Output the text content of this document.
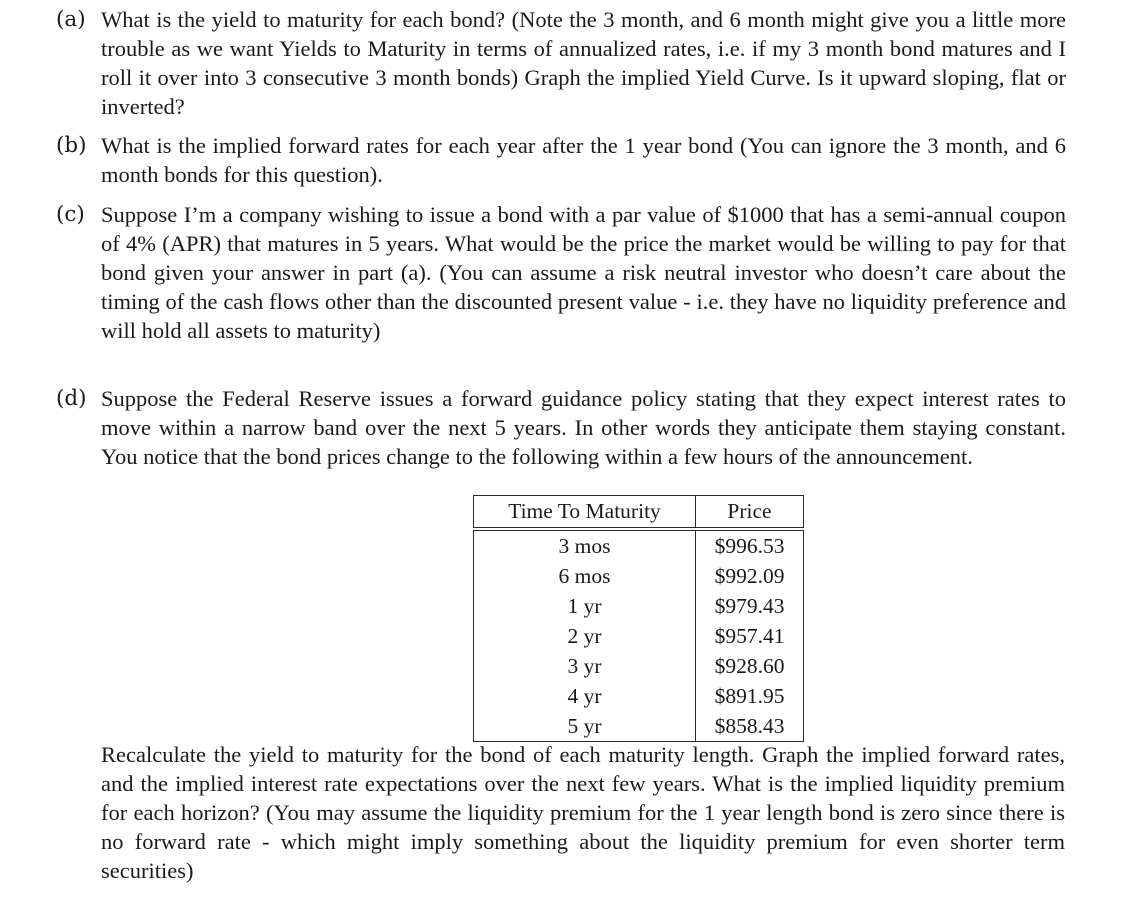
(a) What is the yield to maturity for each bond? (Note the 3 month, and 6 month might give you a little more trouble as we want Yields to Maturity in terms of annualized rates, i.e. if my 3 month bond matures and I roll it over into 3 consecutive 3 month bonds) Graph the implied Yield Curve. Is it upward sloping, flat or inverted?
(b) What is the implied forward rates for each year after the 1 year bond (You can ignore the 3 month, and 6 month bonds for this question).
(c) Suppose I’m a company wishing to issue a bond with a par value of $1000 that has a semi-annual coupon of 4% (APR) that matures in 5 years. What would be the price the market would be willing to pay for that bond given your answer in part (a). (You can assume a risk neutral investor who doesn’t care about the timing of the cash flows other than the discounted present value - i.e. they have no liquidity preference and will hold all assets to maturity)
(d) Suppose the Federal Reserve issues a forward guidance policy stating that they expect interest rates to move within a narrow band over the next 5 years. In other words they anticipate them staying constant. You notice that the bond prices change to the following within a few hours of the announcement.
Time To Maturity	Price
3 mos	$996.53
6 mos	$992.09
1 yr	$979.43
2 yr	$957.41
3 yr	$928.60
4 yr	$891.95
5 yr	$858.43
Recalculate the yield to maturity for the bond of each maturity length. Graph the implied forward rates, and the implied interest rate expectations over the next few years. What is the implied liquidity premium for each horizon? (You may assume the liquidity premium for the 1 year length bond is zero since there is no forward rate - which might imply something about the liquidity premium for even shorter term securities)
